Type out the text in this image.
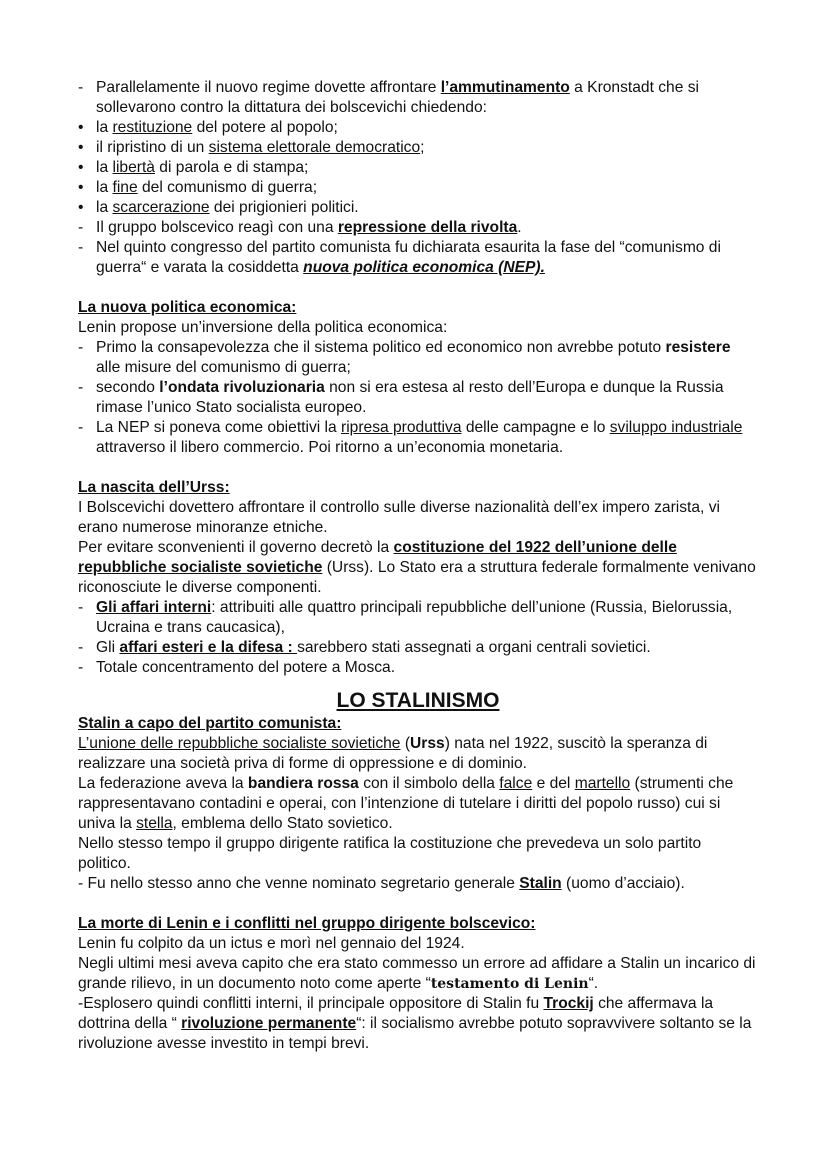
- Parallelamente il nuovo regime dovette affrontare l’ammutinamento a Kronstadt che si sollevarono contro la dittatura dei bolscevichi chiedendo:
• la restituzione del potere al popolo;
• il ripristino di un sistema elettorale democratico;
• la libertà di parola e di stampa;
• la fine del comunismo di guerra;
• la scarcerazione dei prigionieri politici.
- Il gruppo bolscevico reagì con una repressione della rivolta.
- Nel quinto congresso del partito comunista fu dichiarata esaurita la fase del “comunismo di guerra“ e varata la cosiddetta nuova politica economica (NEP).

La nuova politica economica:

Lenin propose un’inversione della politica economica:

- Primo la consapevolezza che il sistema politico ed economico non avrebbe potuto resistere alle misure del comunismo di guerra;
- secondo l’ondata rivoluzionaria non si era estesa al resto dell’Europa e dunque la Russia rimase l’unico Stato socialista europeo.
- La NEP si poneva come obiettivi la ripresa produttiva delle campagne e lo sviluppo industriale attraverso il libero commercio. Poi ritorno a un’economia monetaria.

La nascita dell’Urss:

I Bolscevichi dovettero affrontare il controllo sulle diverse nazionalità dell’ex impero zarista, vi erano numerose minoranze etniche.

Per evitare sconvenienti il governo decretò la costituzione del 1922 dell’unione delle repubbliche socialiste sovietiche (Urss). Lo Stato era a struttura federale formalmente venivano riconosciute le diverse componenti.

- Gli affari interni: attribuiti alle quattro principali repubbliche dell’unione (Russia, Bielorussia, Ucraina e trans caucasica),
- Gli affari esteri e la difesa : sarebbero stati assegnati a organi centrali sovietici.
- Totale concentramento del potere a Mosca.

LO STALINISMO

Stalin a capo del partito comunista:

L’unione delle repubbliche socialiste sovietiche (Urss) nata nel 1922, suscitò la speranza di realizzare una società priva di forme di oppressione e di dominio.

La federazione aveva la bandiera rossa con il simbolo della falce e del martello (strumenti che rappresentavano contadini e operai, con l’intenzione di tutelare i diritti del popolo russo) cui si univa la stella, emblema dello Stato sovietico.

Nello stesso tempo il gruppo dirigente ratifica la costituzione che prevedeva un solo partito politico.

- Fu nello stesso anno che venne nominato segretario generale Stalin (uomo d’acciaio).

La morte di Lenin e i conflitti nel gruppo dirigente bolscevico:

Lenin fu colpito da un ictus e morì nel gennaio del 1924.

Negli ultimi mesi aveva capito che era stato commesso un errore ad affidare a Stalin un incarico di grande rilievo, in un documento noto come aperte “testamento di Lenin“.

-Esplosero quindi conflitti interni, il principale oppositore di Stalin fu Trockij che affermava la dottrina della “ rivoluzione permanente“: il socialismo avrebbe potuto sopravvivere soltanto se la rivoluzione avesse investito in tempi brevi.
